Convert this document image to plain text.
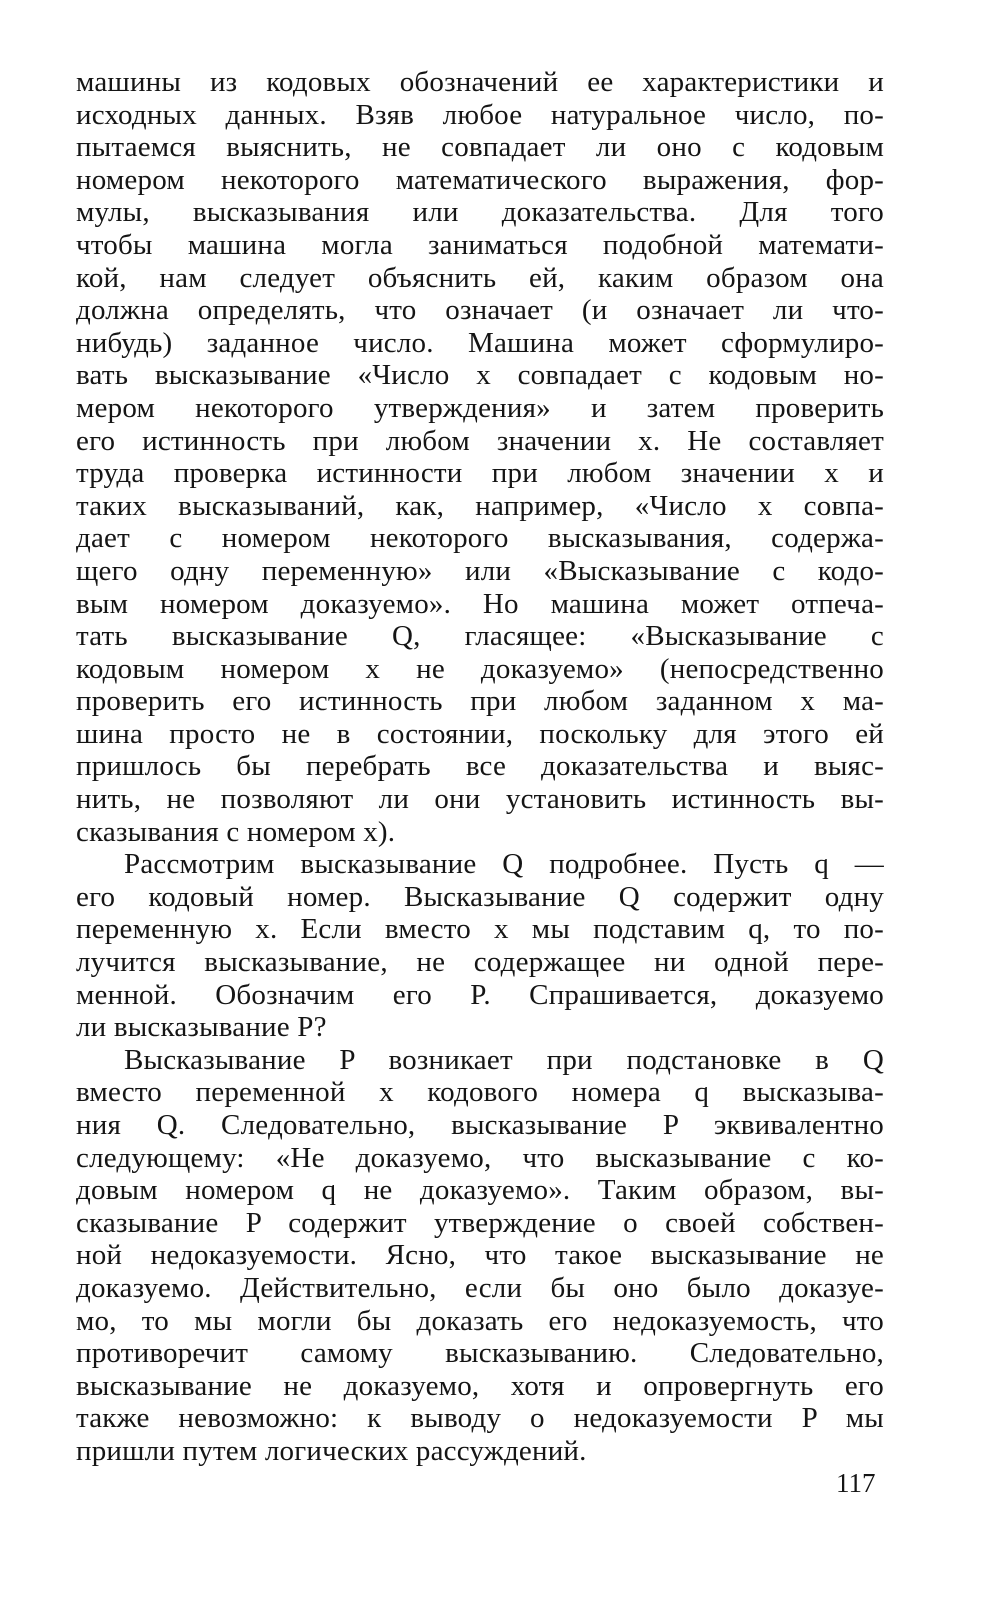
машины из кодовых обозначений ее характеристики и
исходных данных. Взяв любое натуральное число, по-
пытаемся выяснить, не совпадает ли оно с кодовым
номером некоторого математического выражения, фор-
мулы, высказывания или доказательства. Для того
чтобы машина могла заниматься подобной математи-
кой, нам следует объяснить ей, каким образом она
должна определять, что означает (и означает ли что-
нибудь) заданное число. Машина может сформулиро-
вать высказывание «Число x совпадает с кодовым но-
мером некоторого утверждения» и затем проверить
его истинность при любом значении x. Не составляет
труда проверка истинности при любом значении x и
таких высказываний, как, например, «Число x совпа-
дает с номером некоторого высказывания, содержа-
щего одну переменную» или «Высказывание с кодо-
вым номером доказуемо». Но машина может отпеча-
тать высказывание Q, гласящее: «Высказывание с
кодовым номером x не доказуемо» (непосредственно
проверить его истинность при любом заданном x ма-
шина просто не в состоянии, поскольку для этого ей
пришлось бы перебрать все доказательства и выяс-
нить, не позволяют ли они установить истинность вы-
сказывания с номером x).

Рассмотрим высказывание Q подробнее. Пусть q —
его кодовый номер. Высказывание Q содержит одну
переменную x. Если вместо x мы подставим q, то по-
лучится высказывание, не содержащее ни одной пере-
менной. Обозначим его P. Спрашивается, доказуемо
ли высказывание P?

Высказывание P возникает при подстановке в Q
вместо переменной x кодового номера q высказыва-
ния Q. Следовательно, высказывание P эквивалентно
следующему: «Не доказуемо, что высказывание с ко-
довым номером q не доказуемо». Таким образом, вы-
сказывание P содержит утверждение о своей собствен-
ной недоказуемости. Ясно, что такое высказывание не
доказуемо. Действительно, если бы оно было доказуе-
мо, то мы могли бы доказать его недоказуемость, что
противоречит самому высказыванию. Следовательно,
высказывание не доказуемо, хотя и опровергнуть его
также невозможно: к выводу о недоказуемости P мы
пришли путем логических рассуждений.

117
